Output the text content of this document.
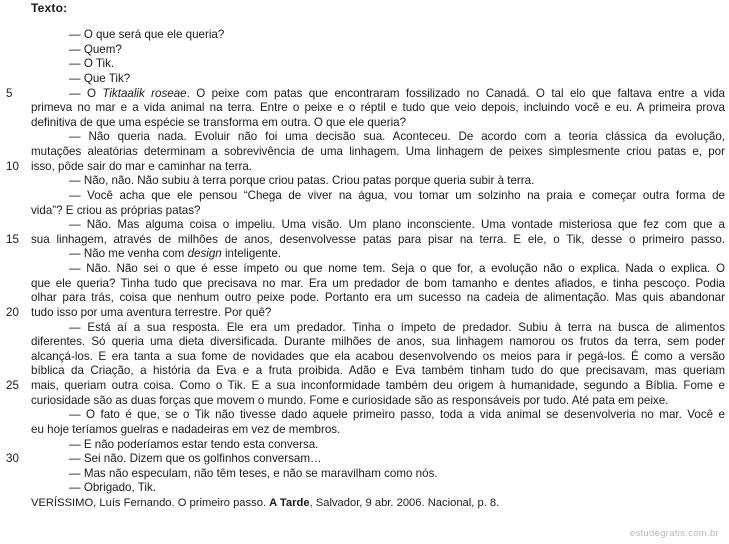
Texto:
— O que será que ele queria?
— Quem?
— O Tik.
— Que Tik?
5	— O Tiktaalik roseae. O peixe com patas que encontraram fossilizado no Canadá. O tal elo que faltava entre a vida
primeva no mar e a vida animal na terra. Entre o peixe e o réptil e tudo que veio depois, incluindo você e eu. A primeira prova
definitiva de que uma espécie se transforma em outra. O que ele queria?
— Não queria nada. Evoluir não foi uma decisão sua. Aconteceu. De acordo com a teoria clássica da evolução,
mutações aleatórias determinam a sobrevivência de uma linhagem. Uma linhagem de peixes simplesmente criou patas e, por
10 isso, pôde sair do mar e caminhar na terra.
— Não, não. Não subiu à terra porque criou patas. Criou patas porque queria subir à terra.
— Você acha que ele pensou “Chega de viver na água, vou tomar um solzinho na praia e começar outra forma de
vida”? E criou as próprias patas?
— Não. Mas alguma coisa o impeliu. Uma visão. Um plano inconsciente. Uma vontade misteriosa que fez com que a
15 sua linhagem, através de milhões de anos, desenvolvesse patas para pisar na terra. E ele, o Tik, desse o primeiro passo.
— Não me venha com design inteligente.
— Não. Não sei o que é esse ímpeto ou que nome tem. Seja o que for, a evolução não o explica. Nada o explica. O
que ele queria? Tinha tudo que precisava no mar. Era um predador de bom tamanho e dentes afiados, e tinha pescoço. Podia
olhar para trás, coisa que nenhum outro peixe pode. Portanto era um sucesso na cadeia de alimentação. Mas quis abandonar
20 tudo isso por uma aventura terrestre. Por quê?
— Está aí a sua resposta. Ele era um predador. Tinha o ímpeto de predador. Subiu à terra na busca de alimentos
diferentes. Só queria uma dieta diversificada. Durante milhões de anos, sua linhagem namorou os frutos da terra, sem poder
alcançá-los. E era tanta a sua fome de novidades que ela acabou desenvolvendo os meios para ir pegá-los. É como a versão
bíblica da Criação, a história da Eva e a fruta proibida. Adão e Eva também tinham tudo do que precisavam, mas queriam
25 mais, queriam outra coisa. Como o Tik. E a sua inconformidade também deu origem à humanidade, segundo a Bíblia. Fome e
curiosidade são as duas forças que movem o mundo. Fome e curiosidade são as responsáveis por tudo. Até pata em peixe.
— O fato é que, se o Tik não tivesse dado aquele primeiro passo, toda a vida animal se desenvolveria no mar. Você e
eu hoje teríamos guelras e nadadeiras em vez de membros.
— E não poderíamos estar tendo esta conversa.
30	— Sei não. Dizem que os golfinhos conversam…
— Mas não especulam, não têm teses, e não se maravilham como nós.
— Obrigado, Tik.
VERÍSSIMO, Luís Fernando. O primeiro passo. A Tarde, Salvador, 9 abr. 2006. Nacional, p. 8.
estudegratis.com.br
